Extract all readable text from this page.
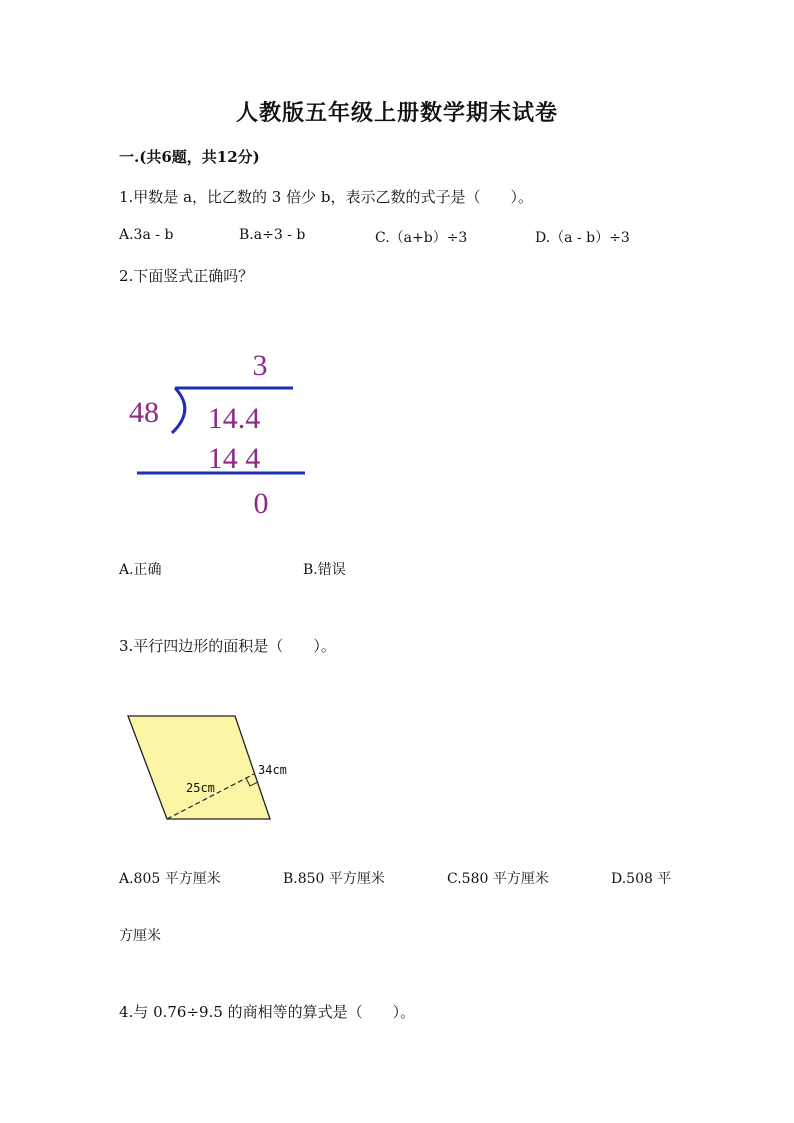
人教版五年级上册数学期末试卷
一.(共6题，共12分)
1.甲数是 a，比乙数的 3 倍少 b，表示乙数的式子是（　　）。
A.3a - b	B.a÷3 - b	C.（a+b）÷3	D.（a - b）÷3
2.下面竖式正确吗？
3
48 14.4
14 4
0
A.正确	B.错误
3.平行四边形的面积是（　　）。
25cm
34cm
A.805 平方厘米	B.850 平方厘米	C.580 平方厘米	D.508 平
方厘米
4.与 0.76÷9.5 的商相等的算式是（　　）。
